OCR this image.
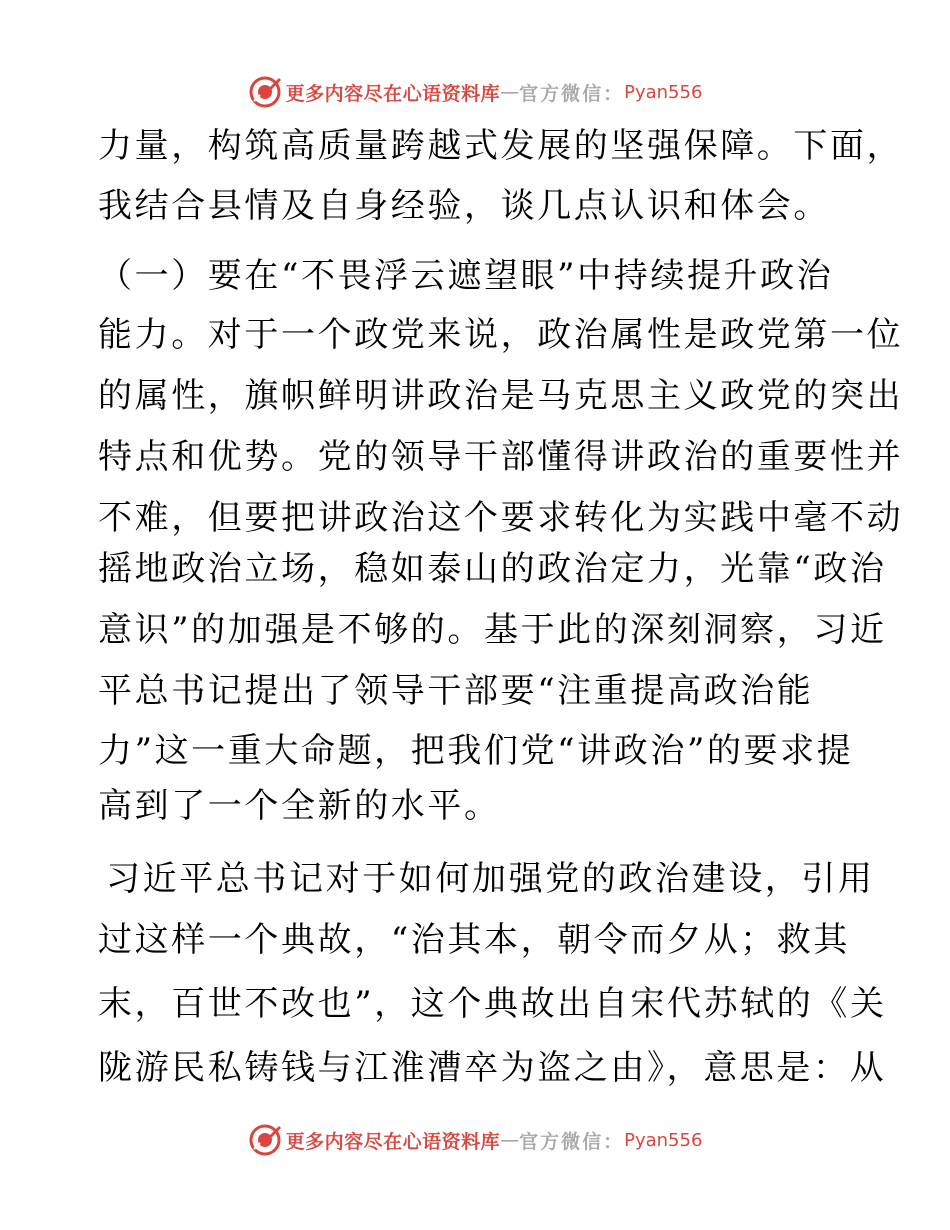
更多内容尽在心语资料库 — 官方微信： Pyan556
力量，构筑高质量跨越式发展的坚强保障。下面，
我结合县情及自身经验，谈几点认识和体会。
（一）要在“不畏浮云遮望眼”中持续提升政治
能力。对于一个政党来说，政治属性是政党第一位
的属性，旗帜鲜明讲政治是马克思主义政党的突出
特点和优势。党的领导干部懂得讲政治的重要性并
不难，但要把讲政治这个要求转化为实践中毫不动
摇地政治立场，稳如泰山的政治定力，光靠“政治
意识”的加强是不够的。基于此的深刻洞察，习近
平总书记提出了领导干部要“注重提高政治能
力”这一重大命题，把我们党“讲政治”的要求提
高到了一个全新的水平。
习近平总书记对于如何加强党的政治建设，引用
过这样一个典故，“治其本，朝令而夕从；救其
末，百世不改也”，这个典故出自宋代苏轼的《关
陇游民私铸钱与江淮漕卒为盗之由》，意思是：从
更多内容尽在心语资料库 — 官方微信： Pyan556
